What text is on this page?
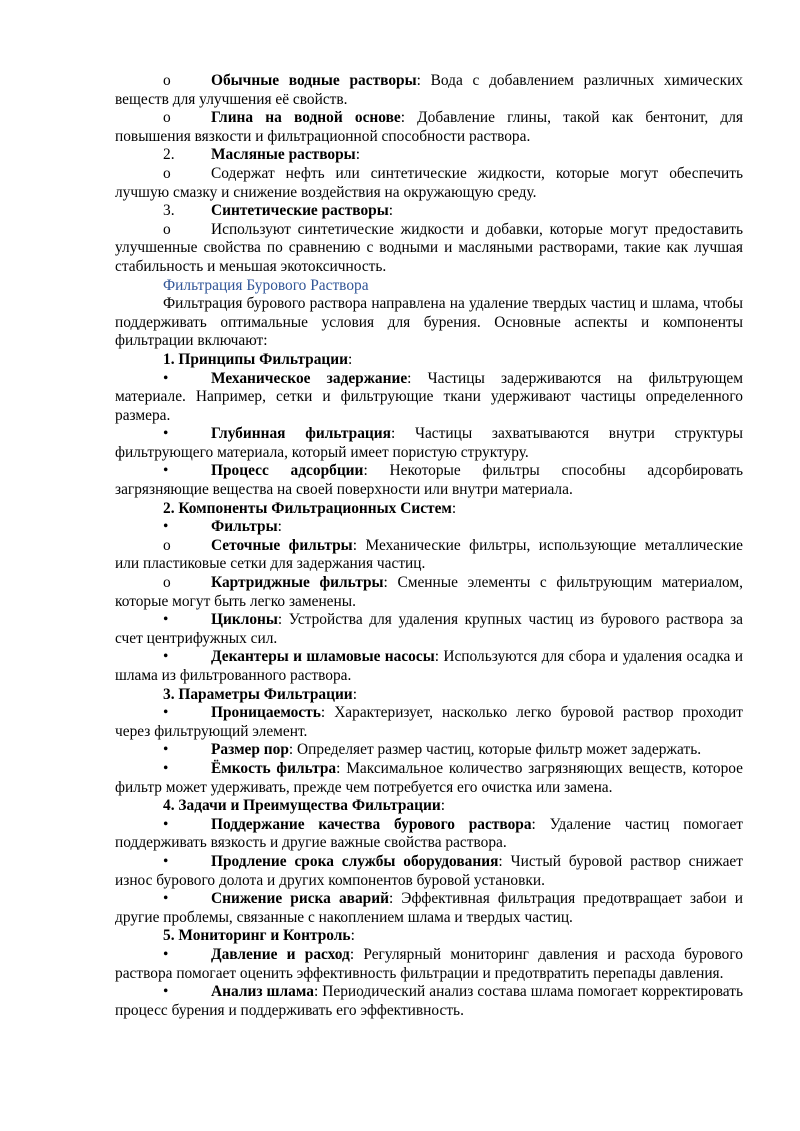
o	Обычные водные растворы: Вода с добавлением различных химических веществ для улучшения её свойств.

o	Глина на водной основе: Добавление глины, такой как бентонит, для повышения вязкости и фильтрационной способности раствора.

2. Масляные растворы:

o	Содержат нефть или синтетические жидкости, которые могут обеспечить лучшую смазку и снижение воздействия на окружающую среду.

3. Синтетические растворы:

o	Используют синтетические жидкости и добавки, которые могут предоставить улучшенные свойства по сравнению с водными и масляными растворами, такие как лучшая стабильность и меньшая экотоксичность.

Фильтрация Бурового Раствора

Фильтрация бурового раствора направлена на удаление твердых частиц и шлама, чтобы поддерживать оптимальные условия для бурения. Основные аспекты и компоненты фильтрации включают:

1. Принципы Фильтрации:

•	Механическое задержание: Частицы задерживаются на фильтрующем материале. Например, сетки и фильтрующие ткани удерживают частицы определенного размера.

•	Глубинная фильтрация: Частицы захватываются внутри структуры фильтрующего материала, который имеет пористую структуру.

•	Процесс адсорбции: Некоторые фильтры способны адсорбировать загрязняющие вещества на своей поверхности или внутри материала.

2. Компоненты Фильтрационных Систем:

•	Фильтры:

o	Сеточные фильтры: Механические фильтры, использующие металлические или пластиковые сетки для задержания частиц.

o	Картриджные фильтры: Сменные элементы с фильтрующим материалом, которые могут быть легко заменены.

•	Циклоны: Устройства для удаления крупных частиц из бурового раствора за счет центрифужных сил.

•	Декантеры и шламовые насосы: Используются для сбора и удаления осадка и шлама из фильтрованного раствора.

3. Параметры Фильтрации:

•	Проницаемость: Характеризует, насколько легко буровой раствор проходит через фильтрующий элемент.

•	Размер пор: Определяет размер частиц, которые фильтр может задержать.

•	Ёмкость фильтра: Максимальное количество загрязняющих веществ, которое фильтр может удерживать, прежде чем потребуется его очистка или замена.

4. Задачи и Преимущества Фильтрации:

•	Поддержание качества бурового раствора: Удаление частиц помогает поддерживать вязкость и другие важные свойства раствора.

•	Продление срока службы оборудования: Чистый буровой раствор снижает износ бурового долота и других компонентов буровой установки.

•	Снижение риска аварий: Эффективная фильтрация предотвращает забои и другие проблемы, связанные с накоплением шлама и твердых частиц.

5. Мониторинг и Контроль:

•	Давление и расход: Регулярный мониторинг давления и расхода бурового раствора помогает оценить эффективность фильтрации и предотвратить перепады давления.

•	Анализ шлама: Периодический анализ состава шлама помогает корректировать процесс бурения и поддерживать его эффективность.
